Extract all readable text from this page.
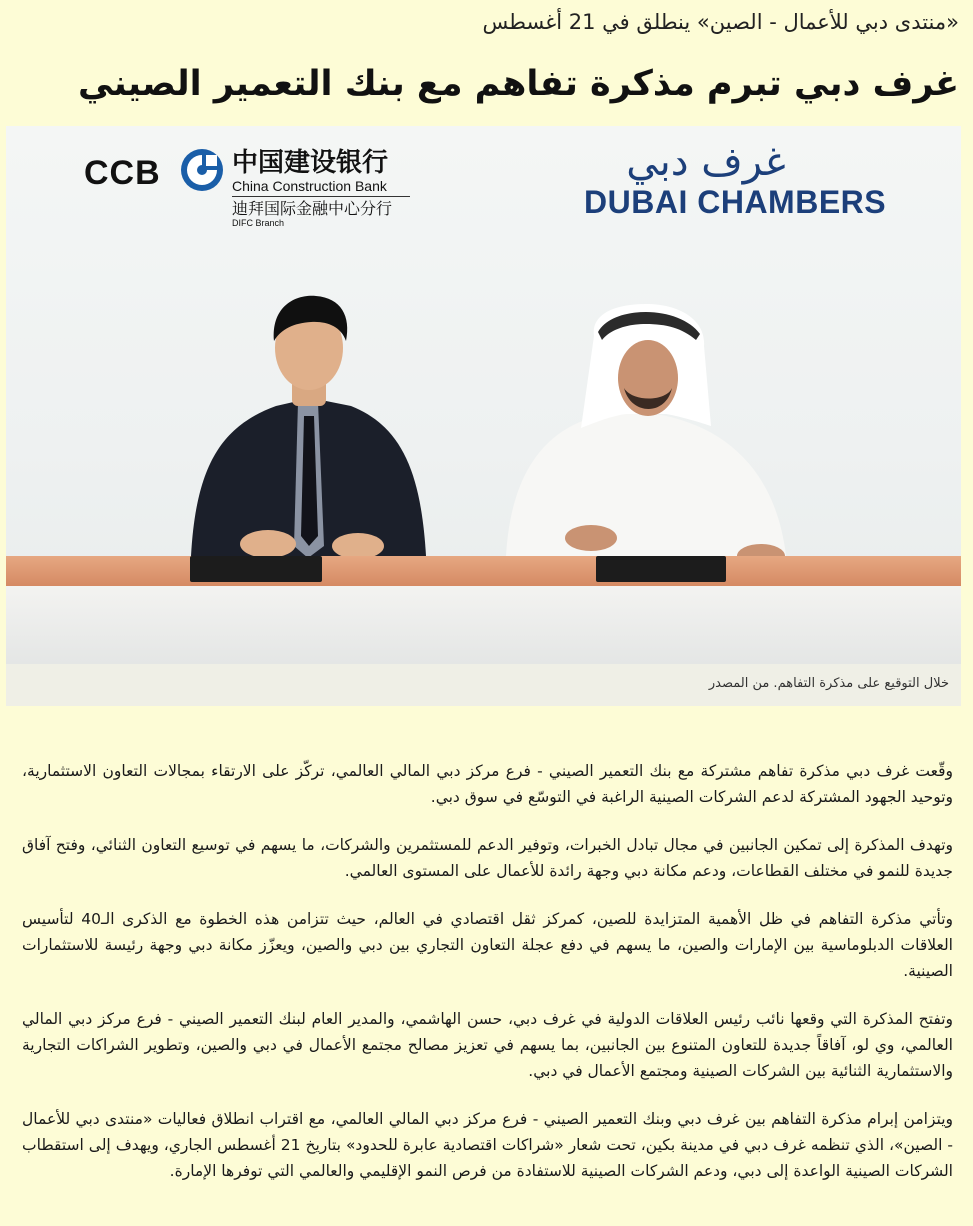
«منتدى دبي للأعمال - الصين» ينطلق في 21 أغسطس
غرف دبي تبرم مذكرة تفاهم مع بنك التعمير الصيني
CCB	中国建设银行
China Construction Bank
迪拜国际金融中心分行
DIFC Branch
غرف دبي
DUBAI CHAMBERS
خلال التوقيع على مذكرة التفاهم. من المصدر

وقّعت غرف دبي مذكرة تفاهم مشتركة مع بنك التعمير الصيني - فرع مركز دبي المالي العالمي، تركّز على الارتقاء بمجالات التعاون الاستثمارية، وتوحيد الجهود المشتركة لدعم الشركات الصينية الراغبة في التوسّع في سوق دبي.

وتهدف المذكرة إلى تمكين الجانبين في مجال تبادل الخبرات، وتوفير الدعم للمستثمرين والشركات، ما يسهم في توسيع التعاون الثنائي، وفتح آفاق جديدة للنمو في مختلف القطاعات، ودعم مكانة دبي وجهة رائدة للأعمال على المستوى العالمي.

وتأتي مذكرة التفاهم في ظل الأهمية المتزايدة للصين، كمركز ثقل اقتصادي في العالم، حيث تتزامن هذه الخطوة مع الذكرى الـ40 لتأسيس العلاقات الدبلوماسية بين الإمارات والصين، ما يسهم في دفع عجلة التعاون التجاري بين دبي والصين، ويعزّز مكانة دبي وجهة رئيسة للاستثمارات الصينية.

وتفتح المذكرة التي وقعها نائب رئيس العلاقات الدولية في غرف دبي، حسن الهاشمي، والمدير العام لبنك التعمير الصيني - فرع مركز دبي المالي العالمي، وي لو، آفاقاً جديدة للتعاون المتنوع بين الجانبين، بما يسهم في تعزيز مصالح مجتمع الأعمال في دبي والصين، وتطوير الشراكات التجارية والاستثمارية الثنائية بين الشركات الصينية ومجتمع الأعمال في دبي.

ويتزامن إبرام مذكرة التفاهم بين غرف دبي وبنك التعمير الصيني - فرع مركز دبي المالي العالمي، مع اقتراب انطلاق فعاليات «منتدى دبي للأعمال - الصين»، الذي تنظمه غرف دبي في مدينة بكين، تحت شعار «شراكات اقتصادية عابرة للحدود» بتاريخ 21 أغسطس الجاري، ويهدف إلى استقطاب الشركات الصينية الواعدة إلى دبي، ودعم الشركات الصينية للاستفادة من فرص النمو الإقليمي والعالمي التي توفرها الإمارة.
